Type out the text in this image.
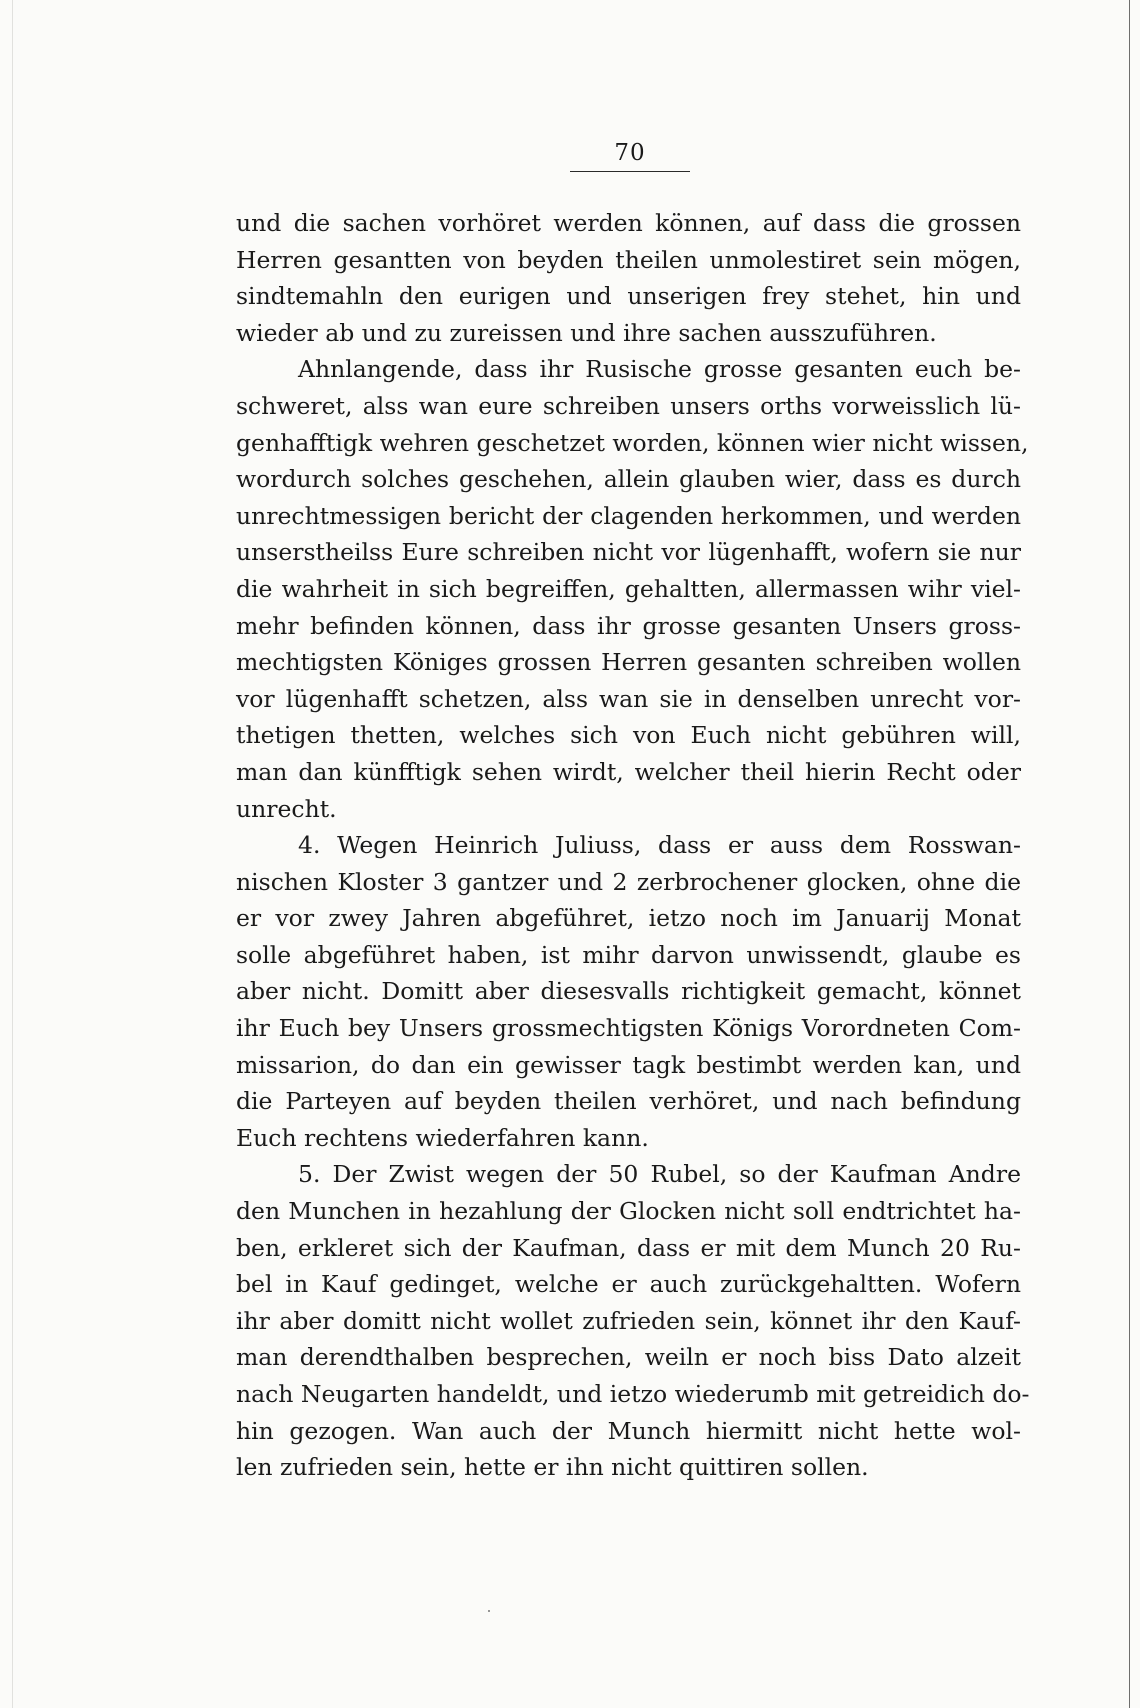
70
und die sachen vorhöret werden können, auf dass die grossen
Herren gesantten von beyden theilen unmolestiret sein mögen,
sindtemahln den eurigen und unserigen frey stehet, hin und
wieder ab und zu zureissen und ihre sachen ausszuführen.
Ahnlangende, dass ihr Rusische grosse gesanten euch be-
schweret, alss wan eure schreiben unsers orths vorweisslich lü-
genhafftigk wehren geschetzet worden, können wier nicht wissen,
wordurch solches geschehen, allein glauben wier, dass es durch
unrechtmessigen bericht der clagenden herkommen, und werden
unserstheilss Eure schreiben nicht vor lügenhafft, wofern sie nur
die wahrheit in sich begreiffen, gehaltten, allermassen wihr viel-
mehr befinden können, dass ihr grosse gesanten Unsers gross-
mechtigsten Königes grossen Herren gesanten schreiben wollen
vor lügenhafft schetzen, alss wan sie in denselben unrecht vor-
thetigen thetten, welches sich von Euch nicht gebühren will,
man dan künfftigk sehen wirdt, welcher theil hierin Recht oder
unrecht.
4. Wegen Heinrich Juliuss, dass er auss dem Rosswan-
nischen Kloster 3 gantzer und 2 zerbrochener glocken, ohne die
er vor zwey Jahren abgeführet, ietzo noch im Januarij Monat
solle abgeführet haben, ist mihr darvon unwissendt, glaube es
aber nicht. Domitt aber diesesvalls richtigkeit gemacht, könnet
ihr Euch bey Unsers grossmechtigsten Königs Vorordneten Com-
missarion, do dan ein gewisser tagk bestimbt werden kan, und
die Parteyen auf beyden theilen verhöret, und nach befindung
Euch rechtens wiederfahren kann.
5. Der Zwist wegen der 50 Rubel, so der Kaufman Andre
den Munchen in hezahlung der Glocken nicht soll endtrichtet ha-
ben, erkleret sich der Kaufman, dass er mit dem Munch 20 Ru-
bel in Kauf gedinget, welche er auch zurückgehaltten. Wofern
ihr aber domitt nicht wollet zufrieden sein, könnet ihr den Kauf-
man derendthalben besprechen, weiln er noch biss Dato alzeit
nach Neugarten handeldt, und ietzo wiederumb mit getreidich do-
hin gezogen. Wan auch der Munch hiermitt nicht hette wol-
len zufrieden sein, hette er ihn nicht quittiren sollen.
